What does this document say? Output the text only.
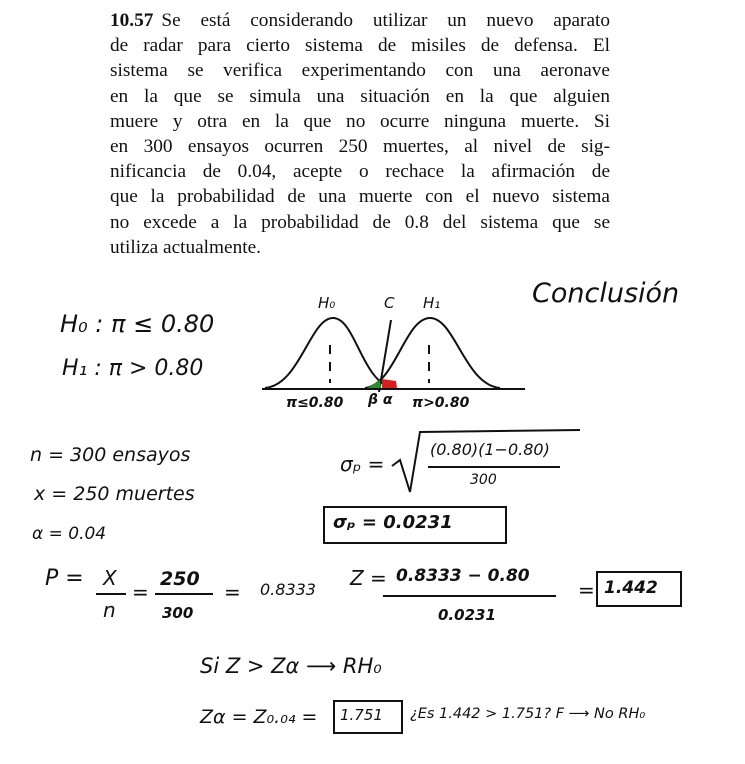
10.57 Se está considerando utilizar un nuevo aparato
de radar para cierto sistema de misiles de defensa. El
sistema se verifica experimentando con una aeronave
en la que se simula una situación en la que alguien
muere y otra en la que no ocurre ninguna muerte. Si
en 300 ensayos ocurren 250 muertes, al nivel de sig-
nificancia de 0.04, acepte o rechace la afirmación de
que la probabilidad de una muerte con el nuevo sistema
no excede a la probabilidad de 0.8 del sistema que se
utiliza actualmente.
H₀	C H₁
π≤0.80 β α π>0.80
Conclusión
H₀ : π ≤ 0.80
H₁ : π > 0.80
n = 300 ensayos
x = 250 muertes
α = 0.04
σₚ =
(0.80)(1−0.80)
300
σₚ = 0.0231
P = X
n
=
250
300
= 0.8333 Z = 0.8333 − 0.80
0.0231
= 1.442
Si Z > Zα ⟶ RH₀
Zα = Z₀.₀₄ = 1.751 ¿Es 1.442 > 1.751? F ⟶ No RH₀
